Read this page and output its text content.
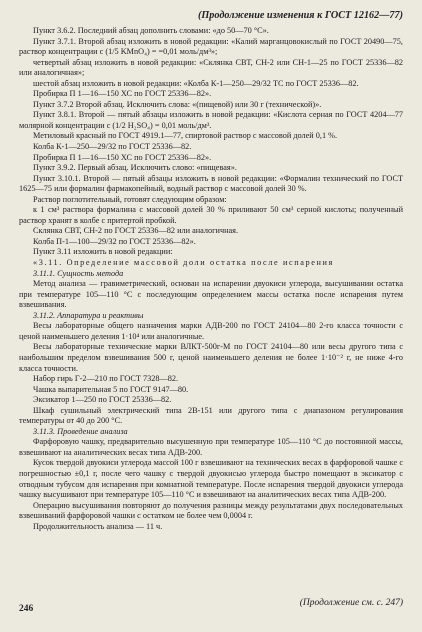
(Продолжение изменения к ГОСТ 12162—77)

Пункт 3.6.2. Последний абзац дополнить словами: «до 50—70 °С».

Пункт 3.7.1. Второй абзац изложить в новой редакции: «Калий марганцовокислый по ГОСТ 20490—75, раствор концентрации с (1/5 KMnO₄) = =0,01 моль/дм³»;

четвертый абзац изложить в новой редакции: «Склянка СВТ, СН-2 или СН-1—25 по ГОСТ 25336—82 или аналогичная»;

шестой абзац изложить в новой редакции: «Колба К-1—250—29/32 ТС по ГОСТ 25336—82.

Пробирка П 1—16—150 ХС по ГОСТ 25336—82».

Пункт 3.7.2 Второй абзац. Исключить слова: «(пищевой) или 30 г (технической)».

Пункт 3.8.1. Второй — пятый абзацы изложить в новой редакции: «Кислота серная по ГОСТ 4204—77 молярной концентрации с (1/2 H₂SO₄) = 0,01 моль/дм³.

Метиловый красный по ГОСТ 4919.1—77, спиртовой раствор с массовой долей 0,1 %.

Колба К-1—250—29/32 по ГОСТ 25336—82.

Пробирка П 1—16—150 ХС по ГОСТ 25336—82».

Пункт 3.9.2. Первый абзац. Исключить слово: «пищевая».

Пункт 3.10.1. Второй — пятый абзацы изложить в новой редакции: «Формалин технический по ГОСТ 1625—75 или формалин фармакопейный, водный раствор с массовой долей 30 %.

Раствор поглотительный, готовят следующим образом:

к 1 см³ раствора формалина с массовой долей 30 % приливают 50 см³ серной кислоты; полученный раствор хранят в колбе с притертой пробкой.

Склянка СВТ, СН-2 по ГОСТ 25336—82 или аналогичная.

Колба П-1—100—29/32 по ГОСТ 25336—82».

Пункт 3.11 изложить в новой редакции:

«3.11. Определение массовой доли остатка после испарения

3.11.1. Сущность метода

Метод анализа — гравиметрический, основан на испарении двуокиси углерода, высушивании остатка при температуре 105—110 °С с последующим определением массы остатка после испарения путем взвешивания.

3.11.2. Аппаратура и реактивы

Весы лабораторные общего назначения марки АДВ-200 по ГОСТ 24104—80 2-го класса точности с ценой наименьшего деления 1·10⁴ или аналогичные.

Весы лабораторные технические марки ВЛКТ-500г-М по ГОСТ 24104—80 или весы другого типа с наибольшим пределом взвешивания 500 г, ценой наименьшего деления не более 1·10⁻² г, не ниже 4-го класса точности.

Набор гирь Г-2—210 по ГОСТ 7328—82.

Чашка выпарительная 5 по ГОСТ 9147—80.

Эксикатор 1—250 по ГОСТ 25336—82.

Шкаф сушильный электрический типа 2В-151 или другого типа с диапазоном регулирования температуры от 40 до 200 °С.

3.11.3. Проведение анализа

Фарфоровую чашку, предварительно высушенную при температуре 105—110 °С до постоянной массы, взвешивают на аналитических весах типа АДВ-200.

Кусок твердой двуокиси углерода массой 100 г взвешивают на технических весах в фарфоровой чашке с погрешностью ±0,1 г, после чего чашку с твердой двуокисью углерода быстро помещают в эксикатор с отводным тубусом для испарения при комнатной температуре. После испарения твердой двуокиси углерода чашку высушивают при температуре 105—110 °С и взвешивают на аналитических весах типа АДВ-200.

Операцию высушивания повторяют до получения разницы между результатами двух последовательных взвешиваний фарфоровой чашки с остатком не более чем 0,0004 г.

Продолжительность анализа — 11 ч.

246
(Продолжение см. с. 247)
